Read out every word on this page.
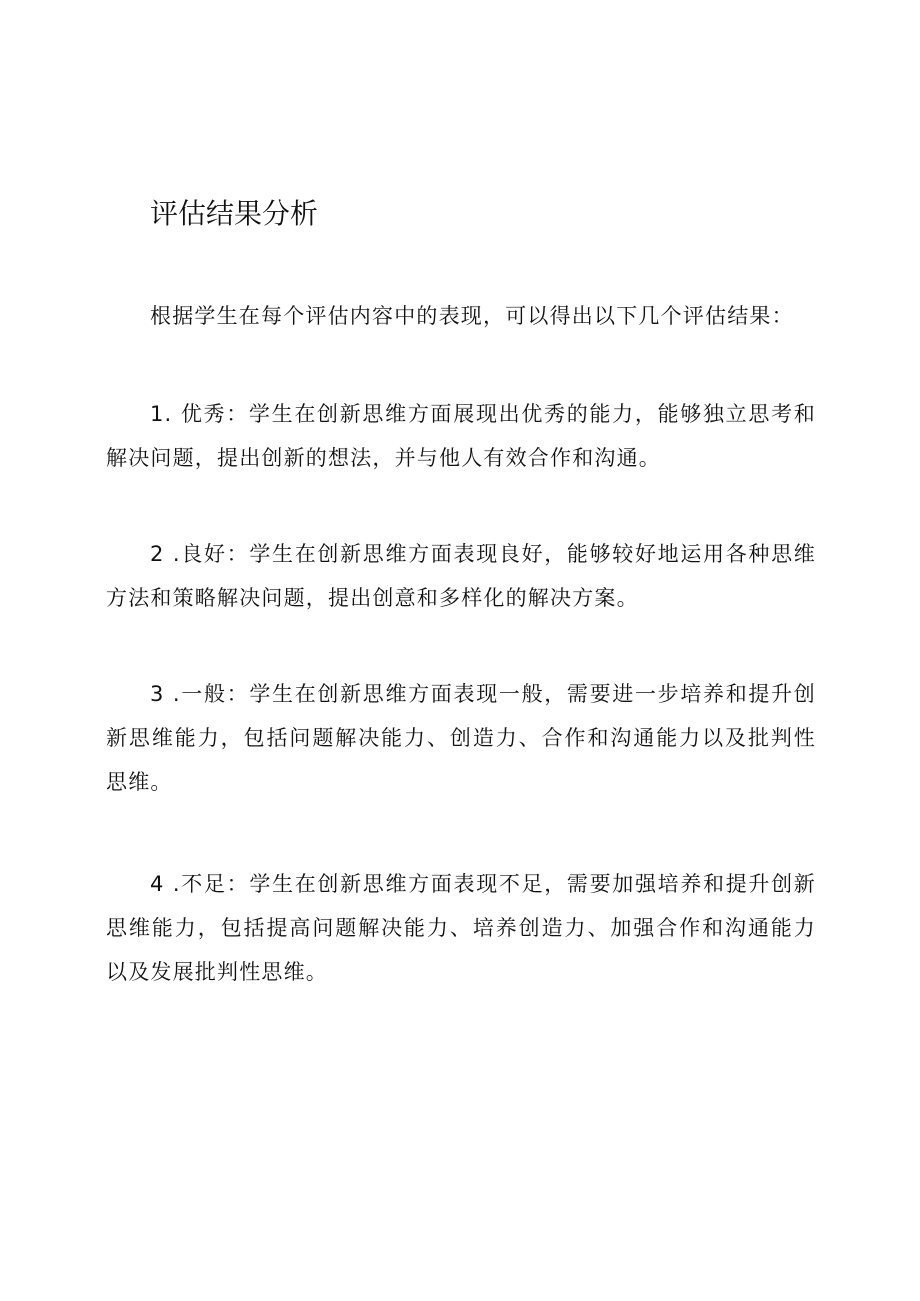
评估结果分析

根据学生在每个评估内容中的表现，可以得出以下几个评估结果：

1. 优秀：学生在创新思维方面展现出优秀的能力，能够独立思考和解决问题，提出创新的想法，并与他人有效合作和沟通。

2 .良好：学生在创新思维方面表现良好，能够较好地运用各种思维方法和策略解决问题，提出创意和多样化的解决方案。

3 .一般：学生在创新思维方面表现一般，需要进一步培养和提升创新思维能力，包括问题解决能力、创造力、合作和沟通能力以及批判性思维。

4 .不足：学生在创新思维方面表现不足，需要加强培养和提升创新思维能力，包括提高问题解决能力、培养创造力、加强合作和沟通能力以及发展批判性思维。
